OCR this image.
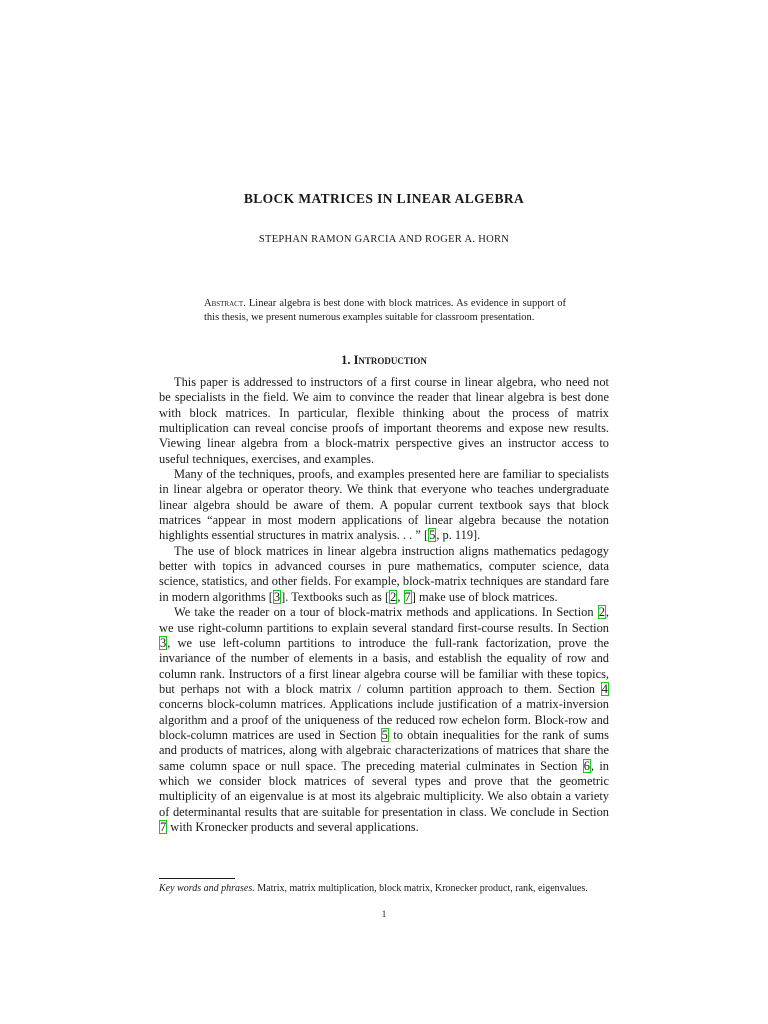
BLOCK MATRICES IN LINEAR ALGEBRA

STEPHAN RAMON GARCIA AND ROGER A. HORN

Abstract. Linear algebra is best done with block matrices. As evidence in support of this thesis, we present numerous examples suitable for classroom presentation.

1. Introduction

This paper is addressed to instructors of a first course in linear algebra, who need not be specialists in the field. We aim to convince the reader that linear algebra is best done with block matrices. In particular, flexible thinking about the process of matrix multiplication can reveal concise proofs of important theorems and expose new results. Viewing linear algebra from a block-matrix perspective gives an instructor access to useful techniques, exercises, and examples.

Many of the techniques, proofs, and examples presented here are familiar to specialists in linear algebra or operator theory. We think that everyone who teaches undergraduate linear algebra should be aware of them. A popular current textbook says that block matrices “appear in most modern applications of linear algebra because the notation highlights essential structures in matrix analysis. . . ” [5, p. 119].

The use of block matrices in linear algebra instruction aligns mathematics pedagogy better with topics in advanced courses in pure mathematics, computer science, data science, statistics, and other fields. For example, block-matrix techniques are standard fare in modern algorithms [3]. Textbooks such as [2, 7] make use of block matrices.

We take the reader on a tour of block-matrix methods and applications. In Section 2, we use right-column partitions to explain several standard first-course results. In Section 3, we use left-column partitions to introduce the full-rank factorization, prove the invariance of the number of elements in a basis, and establish the equality of row and column rank. Instructors of a first linear algebra course will be familiar with these topics, but perhaps not with a block matrix / column partition approach to them. Section 4 concerns block-column matrices. Applications include justification of a matrix-inversion algorithm and a proof of the uniqueness of the reduced row echelon form. Block-row and block-column matrices are used in Section 5 to obtain inequalities for the rank of sums and products of matrices, along with algebraic characterizations of matrices that share the same column space or null space. The preceding material culminates in Section 6, in which we consider block matrices of several types and prove that the geometric multiplicity of an eigenvalue is at most its algebraic multiplicity. We also obtain a variety of determinantal results that are suitable for presentation in class. We conclude in Section 7 with Kronecker products and several applications.

Key words and phrases. Matrix, matrix multiplication, block matrix, Kronecker product, rank, eigenvalues.

1
